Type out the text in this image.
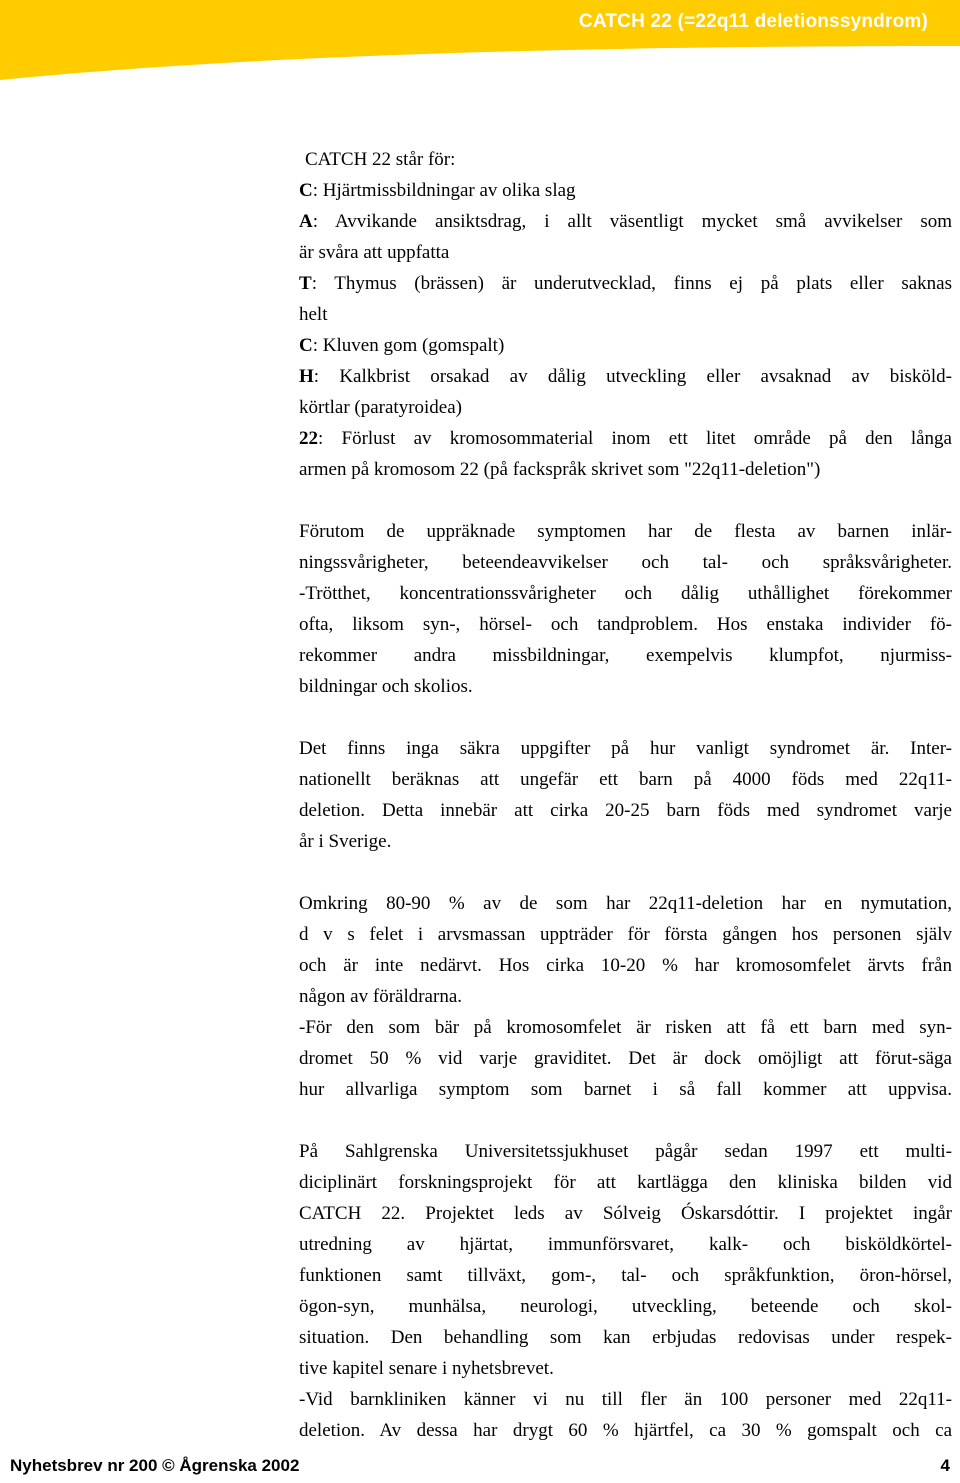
CATCH 22 (=22q11 deletionssyndrom)
CATCH 22 står för:
C: Hjärtmissbildningar av olika slag
A: Avvikande ansiktsdrag, i allt väsentligt mycket små avvikelser som
är svåra att uppfatta
T: Thymus (brässen) är underutvecklad, finns ej på plats eller saknas
helt
C: Kluven gom (gomspalt)
H: Kalkbrist orsakad av dålig utveckling eller avsaknad av bisköld-
körtlar (paratyroidea)
22: Förlust av kromosommaterial inom ett litet område på den långa
armen på kromosom 22 (på fackspråk skrivet som "22q11-deletion")
Förutom de uppräknade symptomen har de flesta av barnen inlär-
ningssvårigheter, beteendeavvikelser och tal- och språksvårigheter.
-Trötthet, koncentrationssvårigheter och dålig uthållighet förekommer
ofta, liksom syn-, hörsel- och tandproblem. Hos enstaka individer fö-
rekommer andra missbildningar, exempelvis klumpfot, njurmiss-
bildningar och skolios.
Det finns inga säkra uppgifter på hur vanligt syndromet är. Inter-
nationellt beräknas att ungefär ett barn på 4000 föds med 22q11-
deletion. Detta innebär att cirka 20-25 barn föds med syndromet varje
år i Sverige.
Omkring 80-90 % av de som har 22q11-deletion har en nymutation,
d v s felet i arvsmassan uppträder för första gången hos personen själv
och är inte nedärvt. Hos cirka 10-20 % har kromosomfelet ärvts från
någon av föräldrarna.
-För den som bär på kromosomfelet är risken att få ett barn med syn-
dromet 50 % vid varje graviditet. Det är dock omöjligt att förut-säga
hur allvarliga symptom som barnet i så fall kommer att uppvisa.
På Sahlgrenska Universitetssjukhuset pågår sedan 1997 ett multi-
diciplinärt forskningsprojekt för att kartlägga den kliniska bilden vid
CATCH 22. Projektet leds av Sólveig Óskarsdóttir. I projektet ingår
utredning av hjärtat, immunförsvaret, kalk- och bisköldkörtel-
funktionen samt tillväxt, gom-, tal- och språkfunktion, öron-hörsel,
ögon-syn, munhälsa, neurologi, utveckling, beteende och skol-
situation. Den behandling som kan erbjudas redovisas under respek-
tive kapitel senare i nyhetsbrevet.
-Vid barnkliniken känner vi nu till fler än 100 personer med 22q11-
deletion. Av dessa har drygt 60 % hjärtfel, ca 30 % gomspalt och ca
Nyhetsbrev nr 200 © Ågrenska 2002	4
